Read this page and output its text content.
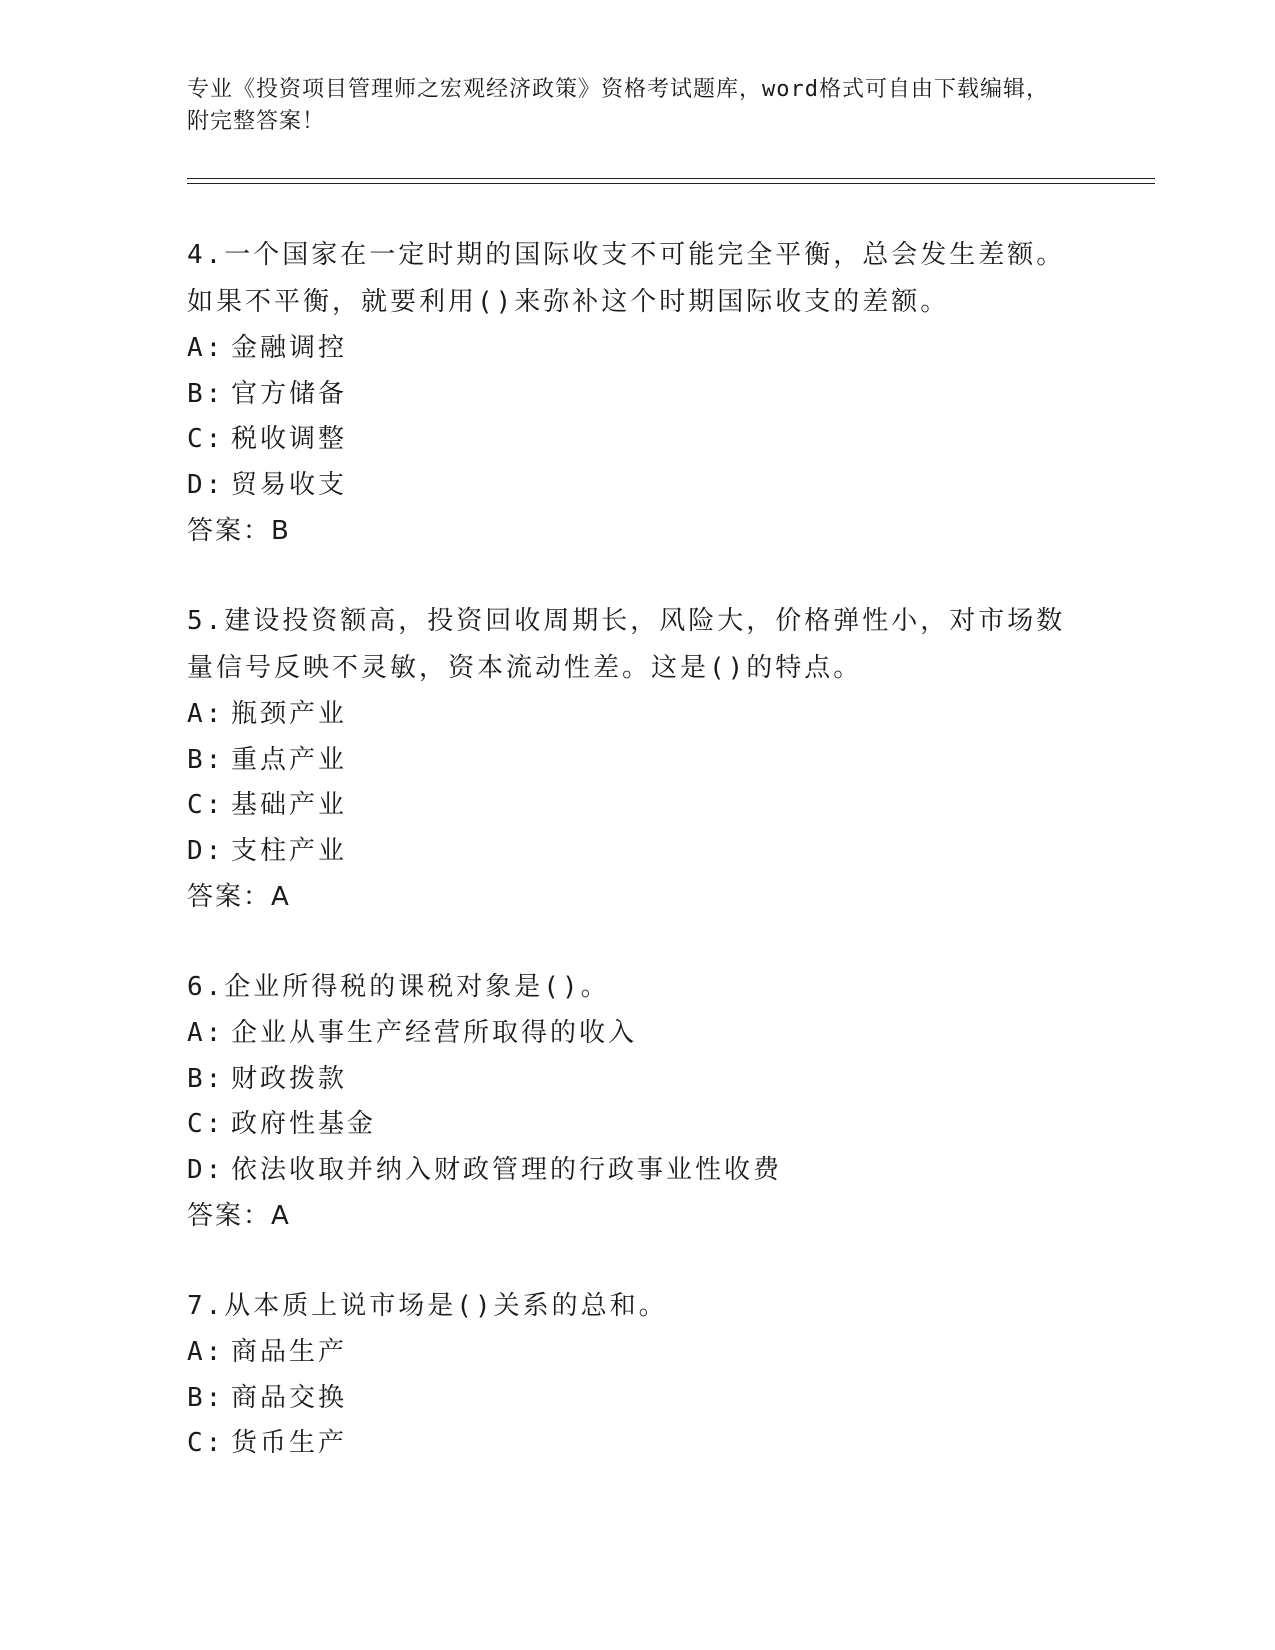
专业《投资项目管理师之宏观经济政策》资格考试题库，word格式可自由下载编辑，附完整答案！

4.一个国家在一定时期的国际收支不可能完全平衡，总会发生差额。如果不平衡，就要利用()来弥补这个时期国际收支的差额。

A: 金融调控

B: 官方储备

C: 税收调整

D: 贸易收支

答案：B

5.建设投资额高，投资回收周期长，风险大，价格弹性小，对市场数量信号反映不灵敏，资本流动性差。这是()的特点。

A: 瓶颈产业

B: 重点产业

C: 基础产业

D: 支柱产业

答案：A

6.企业所得税的课税对象是()。

A: 企业从事生产经营所取得的收入

B: 财政拨款

C: 政府性基金

D: 依法收取并纳入财政管理的行政事业性收费

答案：A

7.从本质上说市场是()关系的总和。

A: 商品生产

B: 商品交换

C: 货币生产
